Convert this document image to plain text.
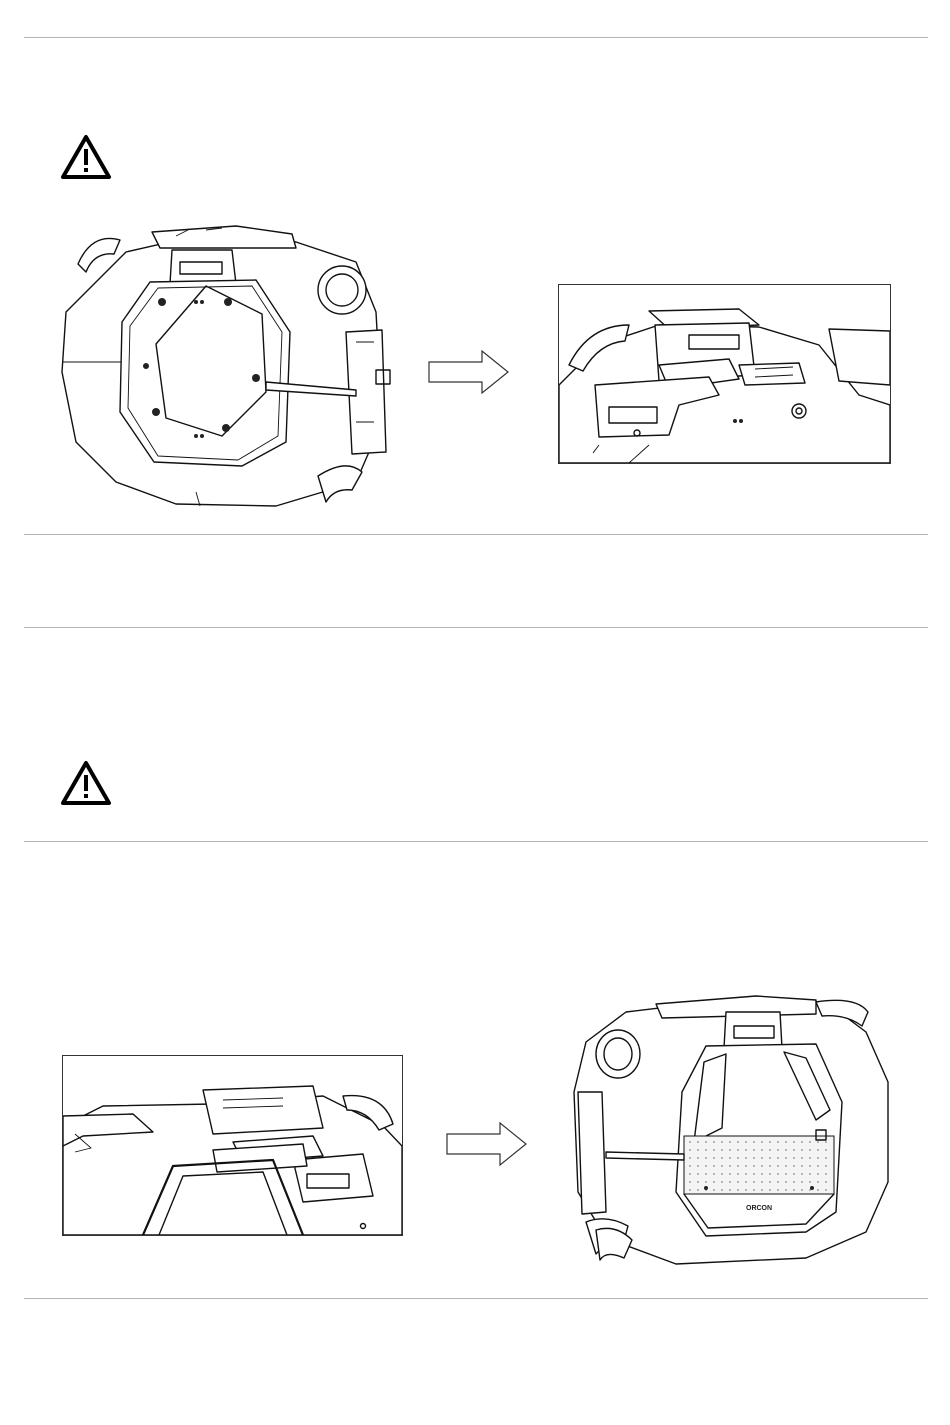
ORCON
